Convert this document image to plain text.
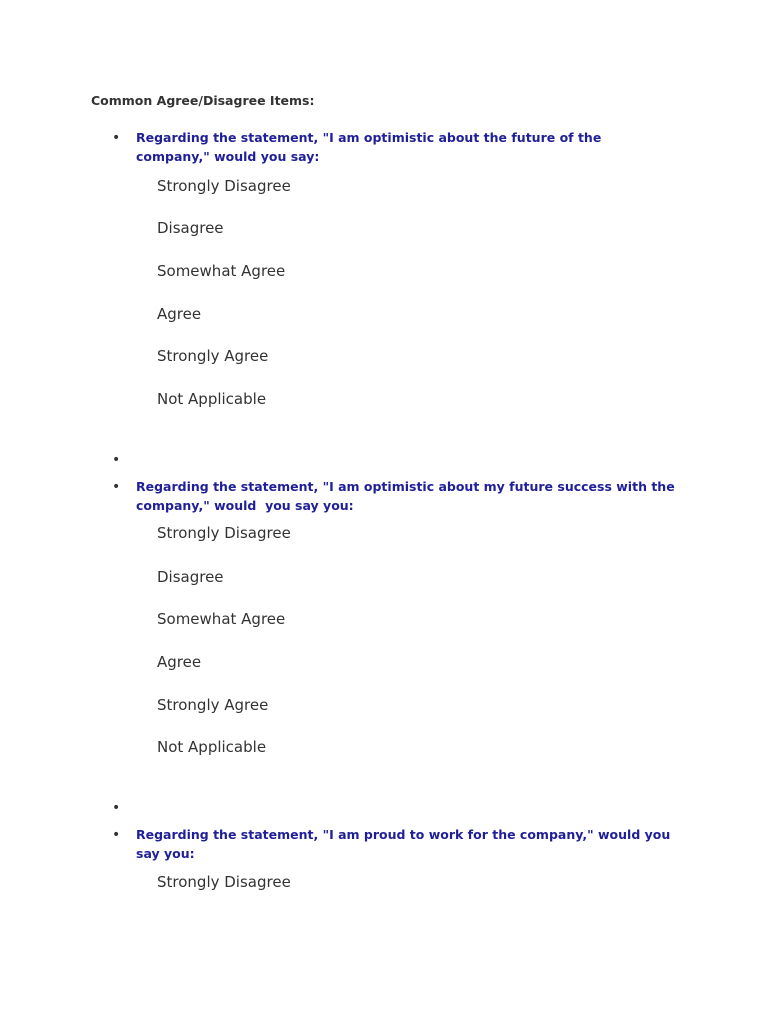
Common Agree/Disagree Items:
• Regarding the statement, "I am optimistic about the future of the
company," would you say:
Strongly Disagree
Disagree
Somewhat Agree
Agree
Strongly Agree
Not Applicable
•
• Regarding the statement, "I am optimistic about my future success with the
company," would  you say you:
Strongly Disagree
Disagree
Somewhat Agree
Agree
Strongly Agree
Not Applicable
•
• Regarding the statement, "I am proud to work for the company," would you
say you:
Strongly Disagree
